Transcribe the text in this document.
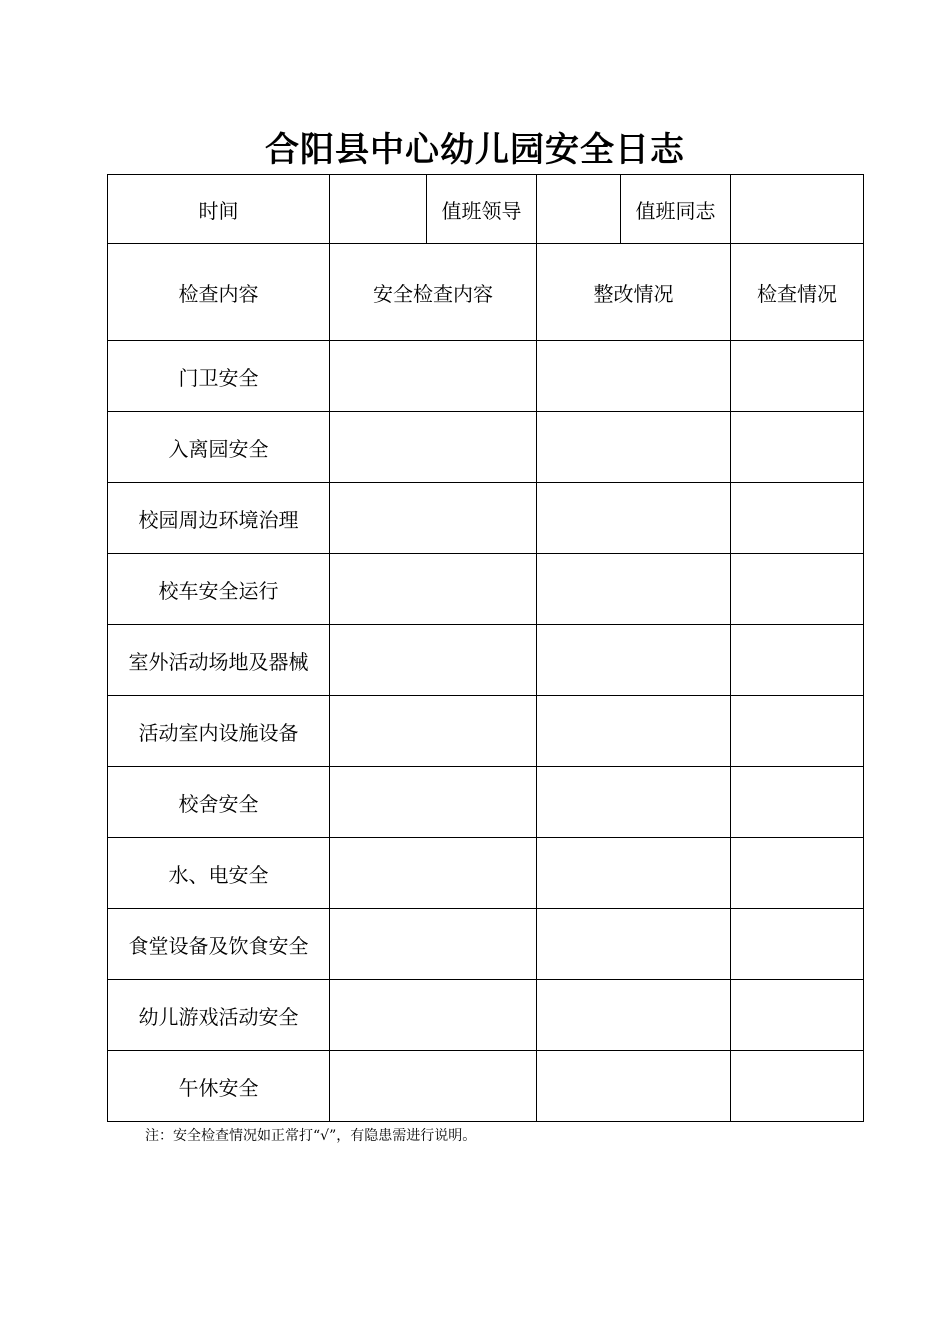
合阳县中心幼儿园安全日志
时间		值班领导		值班同志	
检查内容	安全检查内容		整改情况		检查情况
门卫安全					
入离园安全					
校园周边环境治理					
校车安全运行					
室外活动场地及器械					
活动室内设施设备					
校舍安全					
水、电安全					
食堂设备及饮食安全					
幼儿游戏活动安全					
午休安全					
注：安全检查情况如正常打“√”，有隐患需进行说明。
